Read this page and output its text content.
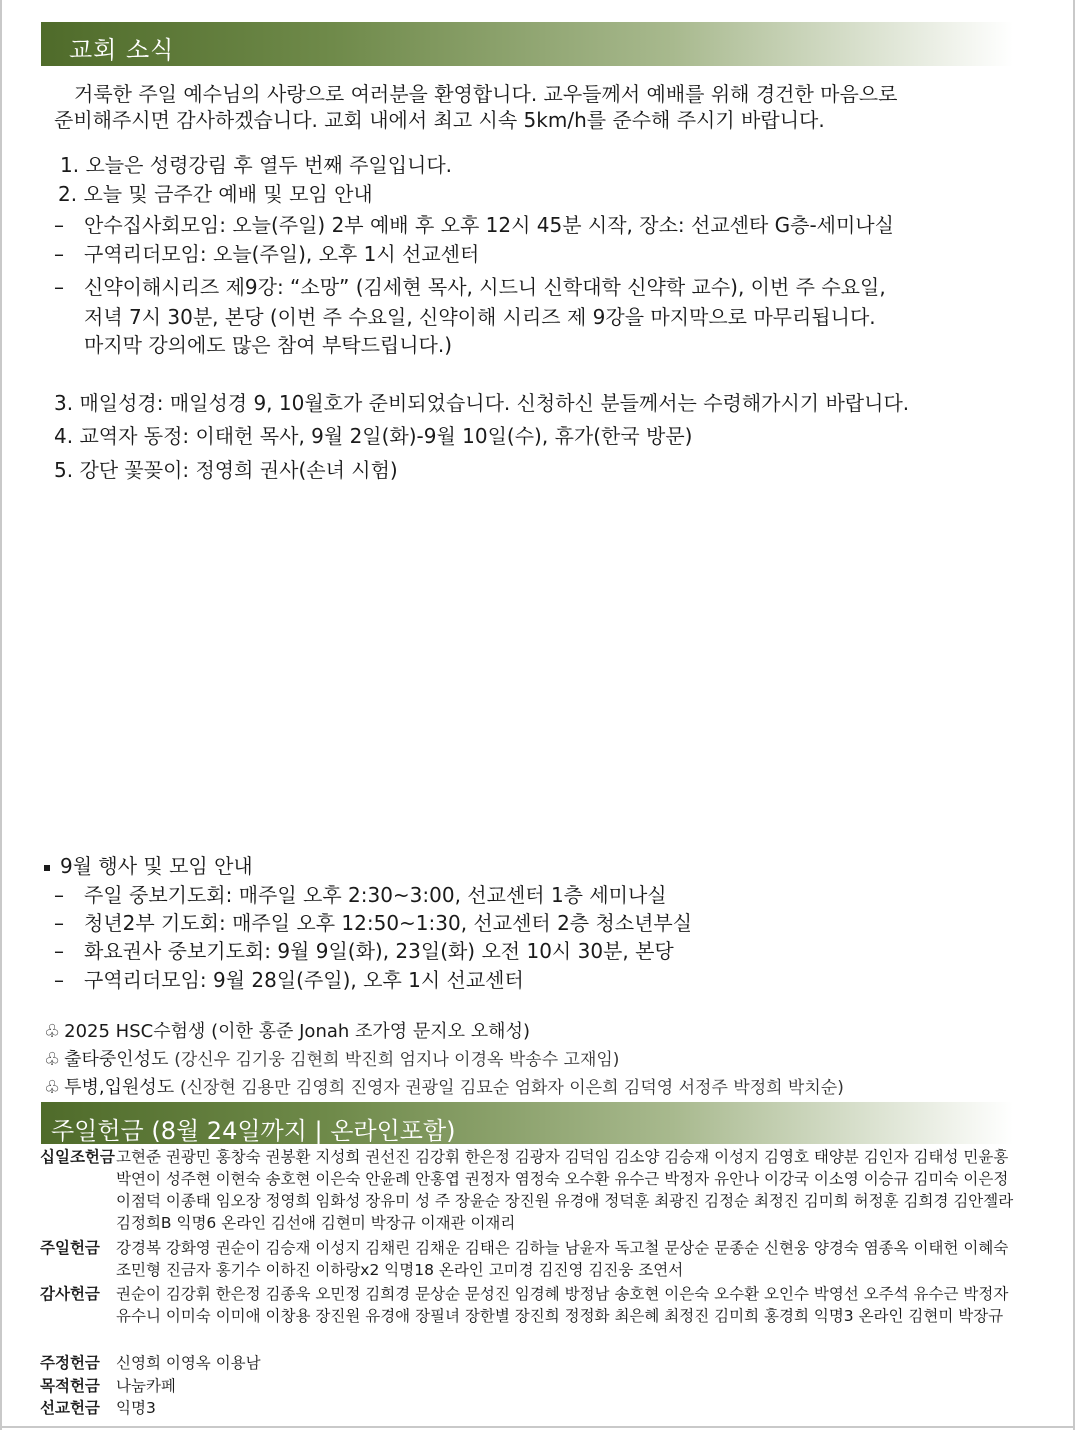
교회 소식
거룩한 주일 예수님의 사랑으로 여러분을 환영합니다. 교우들께서 예배를 위해 경건한 마음으로
준비해주시면 감사하겠습니다. 교회 내에서 최고 시속 5km/h를 준수해 주시기 바랍니다.
1. 오늘은 성령강림 후 열두 번째 주일입니다.
2. 오늘 및 금주간 예배 및 모임 안내
– 안수집사회모임: 오늘(주일) 2부 예배 후 오후 12시 45분 시작, 장소: 선교센타 G층-세미나실
– 구역리더모임: 오늘(주일), 오후 1시 선교센터
– 신약이해시리즈 제9강: “소망” (김세현 목사, 시드니 신학대학 신약학 교수), 이번 주 수요일,
저녁 7시 30분, 본당 (이번 주 수요일, 신약이해 시리즈 제 9강을 마지막으로 마무리됩니다.
마지막 강의에도 많은 참여 부탁드립니다.)
3. 매일성경: 매일성경 9, 10월호가 준비되었습니다. 신청하신 분들께서는 수령해가시기 바랍니다.
4. 교역자 동정: 이태헌 목사, 9월 2일(화)-9월 10일(수), 휴가(한국 방문)
5. 강단 꽃꽂이: 정영희 권사(손녀 시험)
9월 행사 및 모임 안내
– 주일 중보기도회: 매주일 오후 2:30~3:00, 선교센터 1층 세미나실
– 청년2부 기도회: 매주일 오후 12:50~1:30, 선교센터 2층 청소년부실
– 화요권사 중보기도회: 9월 9일(화), 23일(화) 오전 10시 30분, 본당
– 구역리더모임: 9월 28일(주일), 오후 1시 선교센터
♧ 2025 HSC수험생 (이한 홍준 Jonah 조가영 문지오 오해성)
♧ 출타중인성도 (강신우 김기웅 김현희 박진희 엄지나 이경옥 박송수 고재임)
♧ 투병,입원성도 (신장현 김용만 김영희 진영자 권광일 김묘순 엄화자 이은희 김덕영 서정주 박정희 박치순)
주일헌금 (8월 24일까지 | 온라인포함)
십일조헌금 고현준 권광민 홍창숙 권봉환 지성희 권선진 김강휘 한은정 김광자 김덕임 김소양 김승재 이성지 김영호 태양분 김인자 김태성 민윤홍 박연이 성주현 이현숙 송호현 이은숙 안윤례 안홍엽 권정자 염정숙 오수환 유수근 박정자 유안나 이강국 이소영 이승규 김미숙 이은정 이점덕 이종태 임오장 정영희 임화성 장유미 성 주 장윤순 장진원 유경애 정덕훈 최광진 김정순 최정진 김미희 허정훈 김희경 김안젤라 김정희B 익명6 온라인 김선애 김현미 박장규 이재관 이재리
주일헌금 강경복 강화영 권순이 김승재 이성지 김채린 김채운 김태은 김하늘 남윤자 독고철 문상순 문종순 신현웅 양경숙 염종옥 이태헌 이혜숙 조민형 진금자 홍기수 이하진 이하랑x2 익명18 온라인 고미경 김진영 김진웅 조연서
감사헌금 권순이 김강휘 한은정 김종욱 오민정 김희경 문상순 문성진 임경혜 방정남 송호현 이은숙 오수환 오인수 박영선 오주석 유수근 박정자 유수니 이미숙 이미애 이창용 장진원 유경애 장필녀 장한별 장진희 정정화 최은혜 최정진 김미희 홍경희 익명3 온라인 김현미 박장규
주정헌금 신영희 이영옥 이용남
목적헌금 나눔카페
선교헌금 익명3
